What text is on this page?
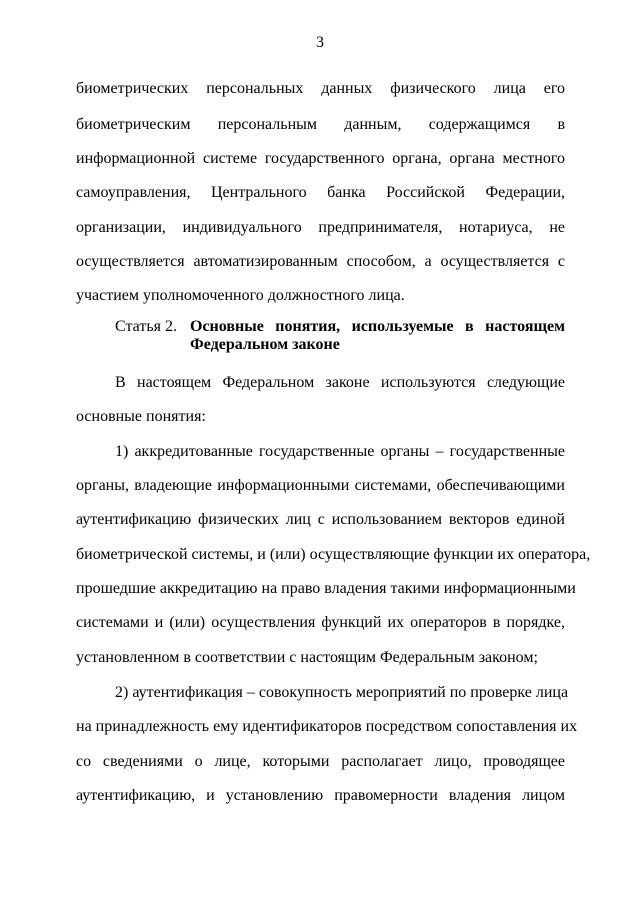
3
биометрических персональных данных физического лица его
биометрическим персональным данным, содержащимся в
информационной системе государственного органа, органа местного
самоуправления, Центрального банка Российской Федерации,
организации, индивидуального предпринимателя, нотариуса, не
осуществляется автоматизированным способом, а осуществляется с
участием уполномоченного должностного лица.
Статья 2. Основные понятия, используемые в настоящем
Федеральном законе
В настоящем Федеральном законе используются следующие
основные понятия:
1) аккредитованные государственные органы – государственные
органы, владеющие информационными системами, обеспечивающими
аутентификацию физических лиц с использованием векторов единой
биометрической системы, и (или) осуществляющие функции их оператора,
прошедшие аккредитацию на право владения такими информационными
системами и (или) осуществления функций их операторов в порядке,
установленном в соответствии с настоящим Федеральным законом;
2) аутентификация – совокупность мероприятий по проверке лица
на принадлежность ему идентификаторов посредством сопоставления их
со сведениями о лице, которыми располагает лицо, проводящее
аутентификацию, и установлению правомерности владения лицом
